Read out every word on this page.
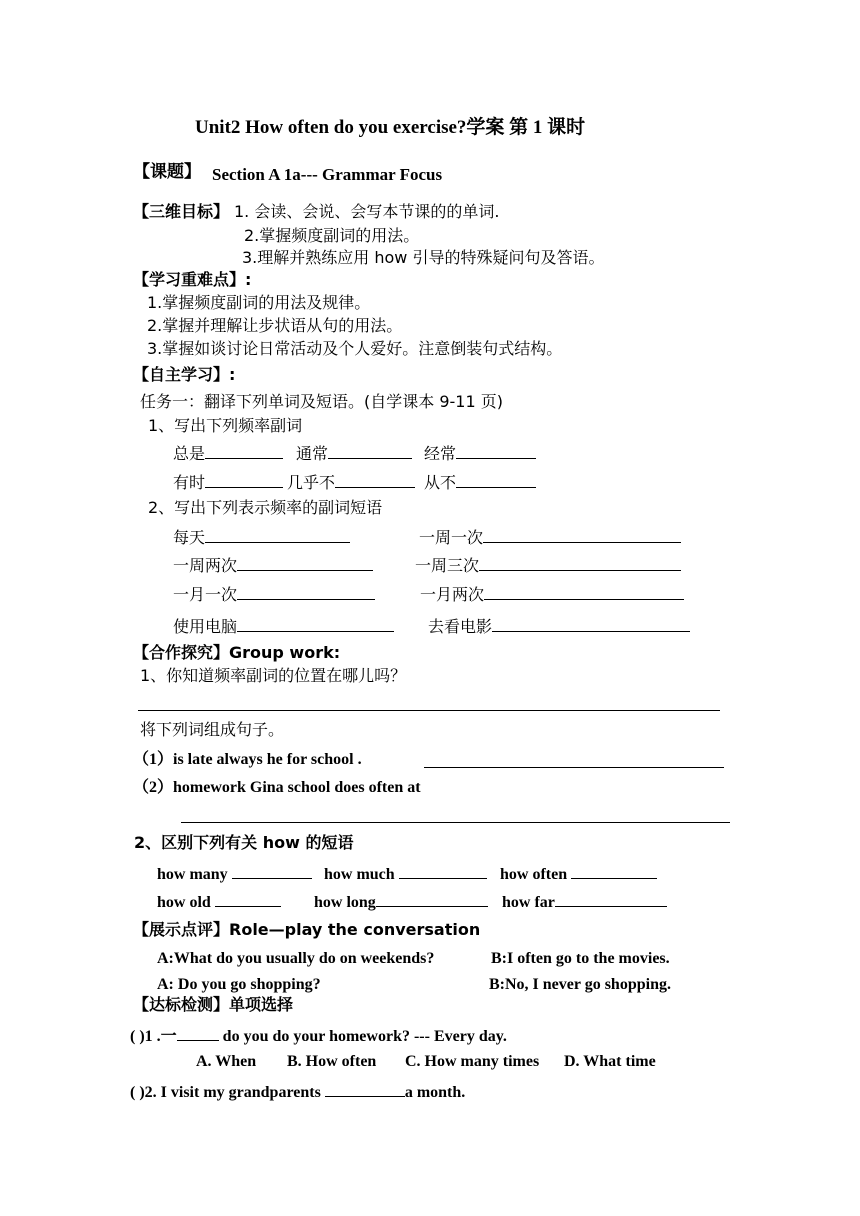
Unit2 How often do you exercise?学案 第 1 课时
【课题】 Section A 1a--- Grammar Focus
【三维目标】 1. 会读、会说、会写本节课的的单词.
2.掌握频度副词的用法。
3.理解并熟练应用 how 引导的特殊疑问句及答语。
【学习重难点】:
1.掌握频度副词的用法及规律。
2.掌握并理解让步状语从句的用法。
3.掌握如谈讨论日常活动及个人爱好。注意倒装句式结构。
【自主学习】:
任务一：翻译下列单词及短语。(自学课本 9-11 页)
1、写出下列频率副词
总是	通常	经常
有时	几乎不	从不
2、写出下列表示频率的副词短语
每天	一周一次
一周两次	一周三次
一月一次	一月两次
使用电脑	去看电影
【合作探究】Group work:
1、你知道频率副词的位置在哪儿吗？
将下列词组成句子。
（1）is late always he for school .
（2）homework Gina school does often at
2、区别下列有关 how 的短语
how many	how much	how often
how old	how long	how far
【展示点评】Role—play the conversation
A:What do you usually do on weekends?	B:I often go to the movies.
A: Do you go shopping?	B:No, I never go shopping.
【达标检测】单项选择
( )1 .一	do you do your homework? --- Every day.
A. When B. How often C. How many times D. What time
( )2. I visit my grandparents	a month.
